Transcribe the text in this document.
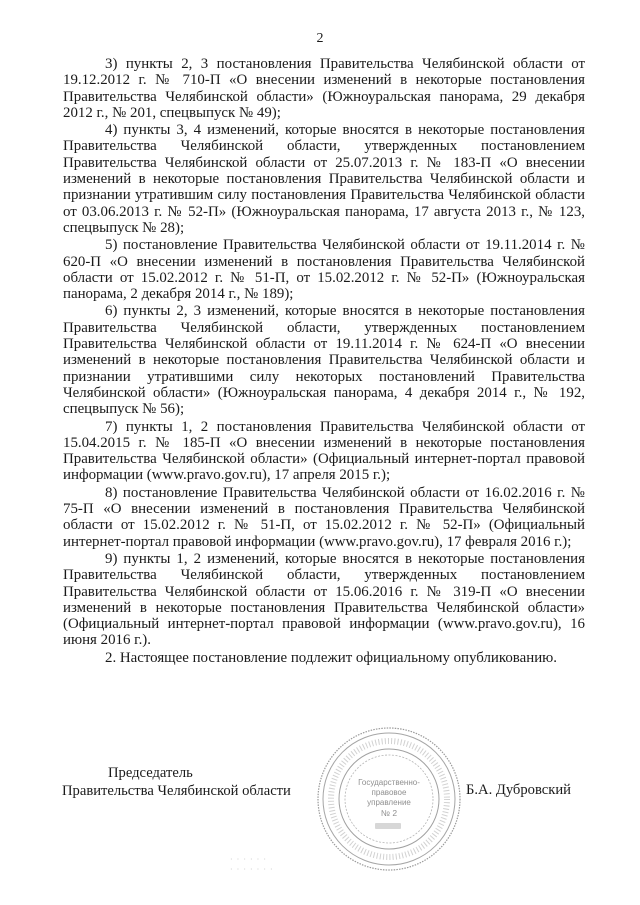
2

3) пункты 2, 3 постановления Правительства Челябинской области от 19.12.2012 г. № 710-П «О внесении изменений в некоторые постановления Правительства Челябинской области» (Южноуральская панорама, 29 декабря 2012 г., № 201, спецвыпуск № 49);

4) пункты 3, 4 изменений, которые вносятся в некоторые постановления Правительства Челябинской области, утвержденных постановлением Правительства Челябинской области от 25.07.2013 г. № 183-П «О внесении изменений в некоторые постановления Правительства Челябинской области и признании утратившим силу постановления Правительства Челябинской области от 03.06.2013 г. № 52-П» (Южноуральская панорама, 17 августа 2013 г., № 123, спецвыпуск № 28);

5) постановление Правительства Челябинской области от 19.11.2014 г. № 620-П «О внесении изменений в постановления Правительства Челябинской области от 15.02.2012 г. № 51-П, от 15.02.2012 г. № 52-П» (Южноуральская панорама, 2 декабря 2014 г., № 189);

6) пункты 2, 3 изменений, которые вносятся в некоторые постановления Правительства Челябинской области, утвержденных постановлением Правительства Челябинской области от 19.11.2014 г. № 624-П «О внесении изменений в некоторые постановления Правительства Челябинской области и признании утратившими силу некоторых постановлений Правительства Челябинской области» (Южноуральская панорама, 4 декабря 2014 г., № 192, спецвыпуск № 56);

7) пункты 1, 2 постановления Правительства Челябинской области от 15.04.2015 г. № 185-П «О внесении изменений в некоторые постановления Правительства Челябинской области» (Официальный интернет-портал правовой информации (www.pravo.gov.ru), 17 апреля 2015 г.);

8) постановление Правительства Челябинской области от 16.02.2016 г. № 75-П «О внесении изменений в постановления Правительства Челябинской области от 15.02.2012 г. № 51-П, от 15.02.2012 г. № 52-П» (Официальный интернет-портал правовой информации (www.pravo.gov.ru), 17 февраля 2016 г.);

9) пункты 1, 2 изменений, которые вносятся в некоторые постановления Правительства Челябинской области, утвержденных постановлением Правительства Челябинской области от 15.06.2016 г. № 319-П «О внесении изменений в некоторые постановления Правительства Челябинской области» (Официальный интернет-портал правовой информации (www.pravo.gov.ru), 16 июня 2016 г.).

2. Настоящее постановление подлежит официальному опубликованию.

Председатель
Правительства Челябинской области	Б.А. Дубровский
Государственно-
правовое
управление
№ 2
· · · · · ·
· · · · · · ·
